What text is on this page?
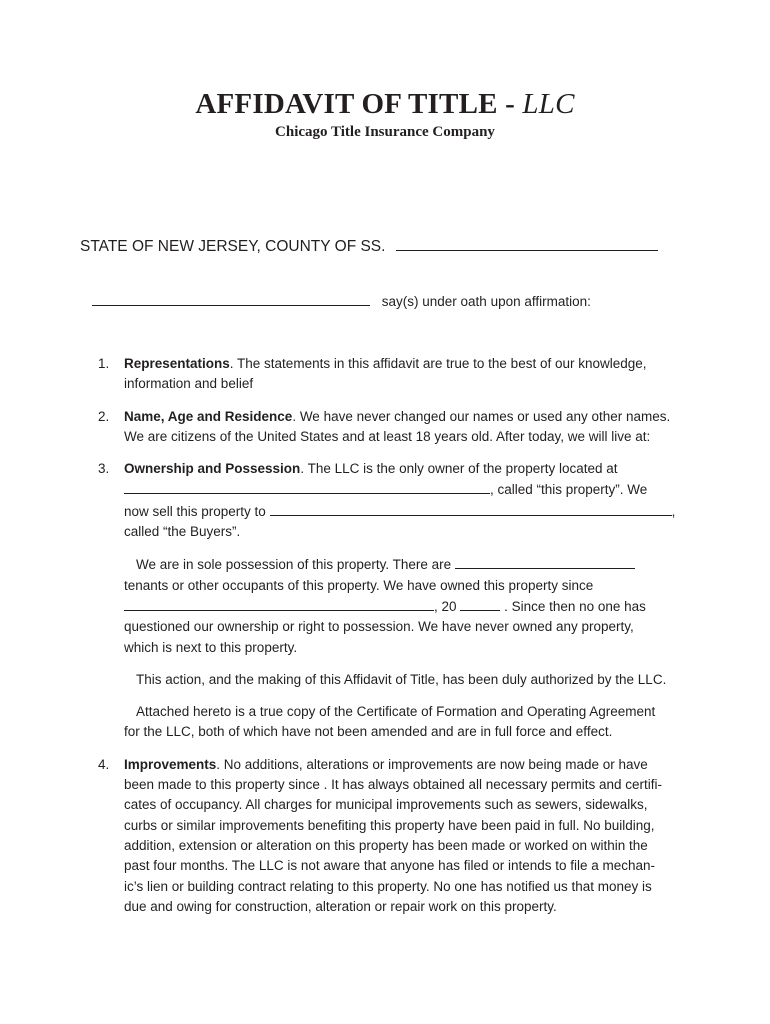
AFFIDAVIT OF TITLE - LLC
Chicago Title Insurance Company
STATE OF NEW JERSEY, COUNTY OF SS.
say(s) under oath upon affirmation:
1. Representations. The statements in this affidavit are true to the best of our knowledge,
information and belief
2. Name, Age and Residence. We have never changed our names or used any other names.
We are citizens of the United States and at least 18 years old. After today, we will live at:
3. Ownership and Possession. The LLC is the only owner of the property located at
, called “this property”. We
now sell this property to	,
called “the Buyers”.
We are in sole possession of this property. There are
tenants or other occupants of this property. We have owned this property since
, 20	. Since then no one has
questioned our ownership or right to possession. We have never owned any property,
which is next to this property.
This action, and the making of this Affidavit of Title, has been duly authorized by the LLC.
Attached hereto is a true copy of the Certificate of Formation and Operating Agreement
for the LLC, both of which have not been amended and are in full force and effect.
4. Improvements. No additions, alterations or improvements are now being made or have
been made to this property since . It has always obtained all necessary permits and certifi-
cates of occupancy. All charges for municipal improvements such as sewers, sidewalks,
curbs or similar improvements benefiting this property have been paid in full. No building,
addition, extension or alteration on this property has been made or worked on within the
past four months. The LLC is not aware that anyone has filed or intends to file a mechan-
ic’s lien or building contract relating to this property. No one has notified us that money is
due and owing for construction, alteration or repair work on this property.
